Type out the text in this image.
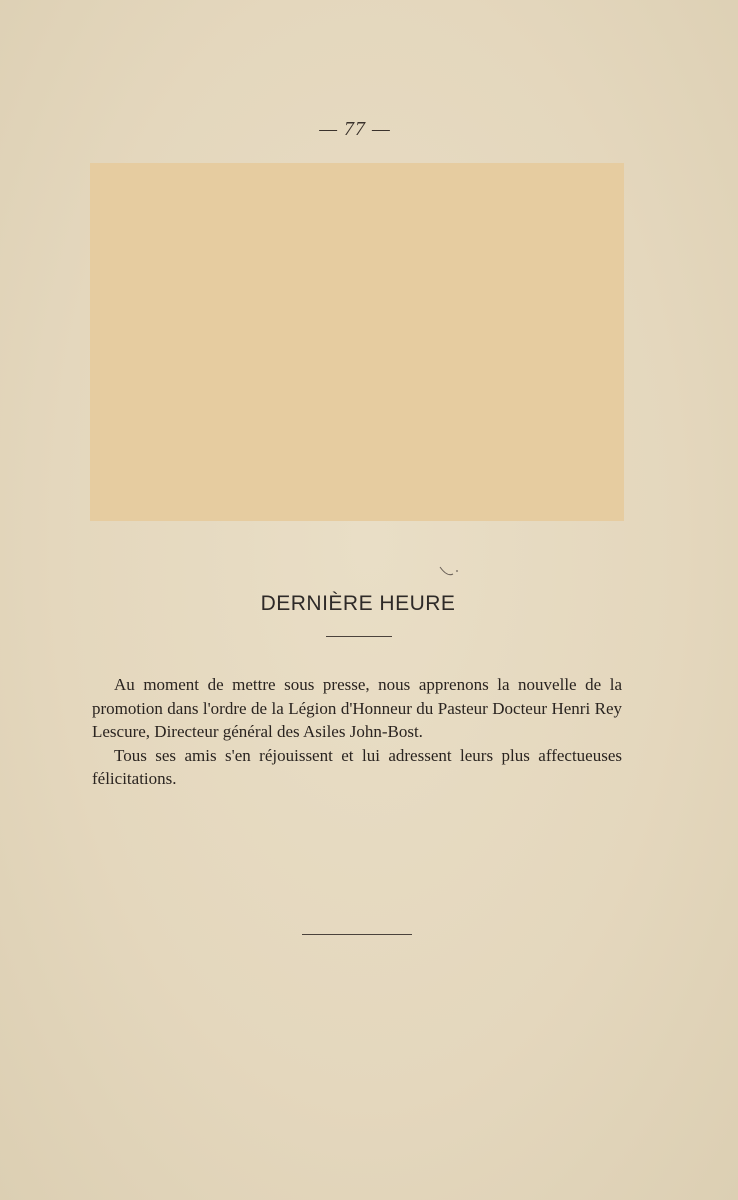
— 77 —
DERNIÈRE HEURE

Au moment de mettre sous presse, nous apprenons la nouvelle de la promotion dans l'ordre de la Légion d'Honneur du Pasteur Docteur Henri Rey Lescure, Directeur général des Asiles John-Bost.

Tous ses amis s'en réjouissent et lui adressent leurs plus affectueuses félicitations.
